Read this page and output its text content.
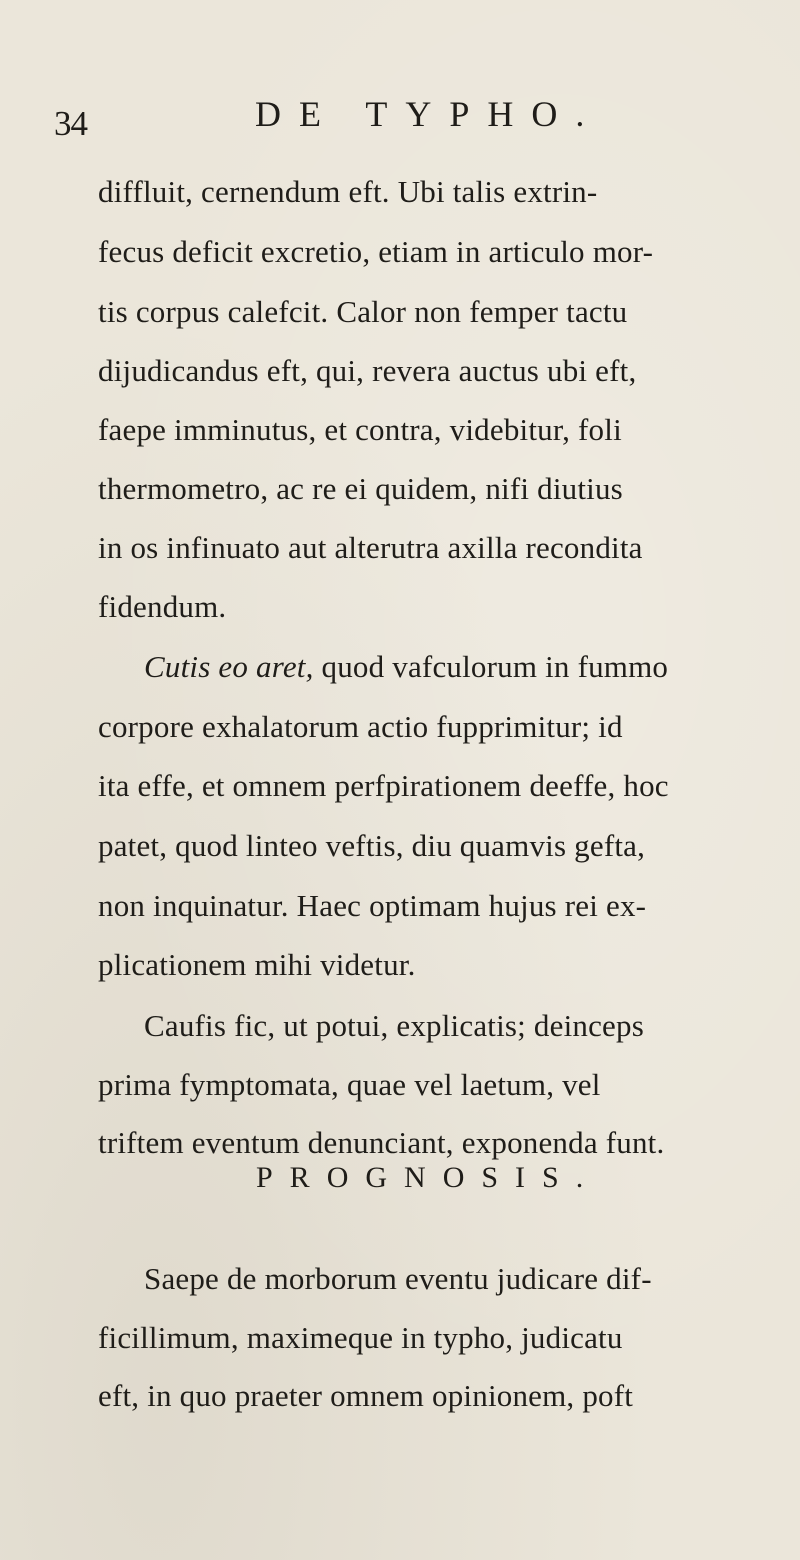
34	DE TYPHO.
diffluit, cernendum eft. Ubi talis extrin-
fecus deficit excretio, etiam in articulo mor-
tis corpus calefcit. Calor non femper tactu
dijudicandus eft, qui, revera auctus ubi eft,
faepe imminutus, et contra, videbitur, foli
thermometro, ac re ei quidem, nifi diutius
in os infinuato aut alterutra axilla recondita
fidendum.
Cutis eo aret, quod vafculorum in fummo
corpore exhalatorum actio fupprimitur; id
ita effe, et omnem perfpirationem deeffe, hoc
patet, quod linteo veftis, diu quamvis gefta,
non inquinatur. Haec optimam hujus rei ex-
plicationem mihi videtur.
Caufis fic, ut potui, explicatis; deinceps
prima fymptomata, quae vel laetum, vel
triftem eventum denunciant, exponenda funt.
PROGNOSIS.
Saepe de morborum eventu judicare dif-
ficillimum, maximeque in typho, judicatu
eft, in quo praeter omnem opinionem, poft
